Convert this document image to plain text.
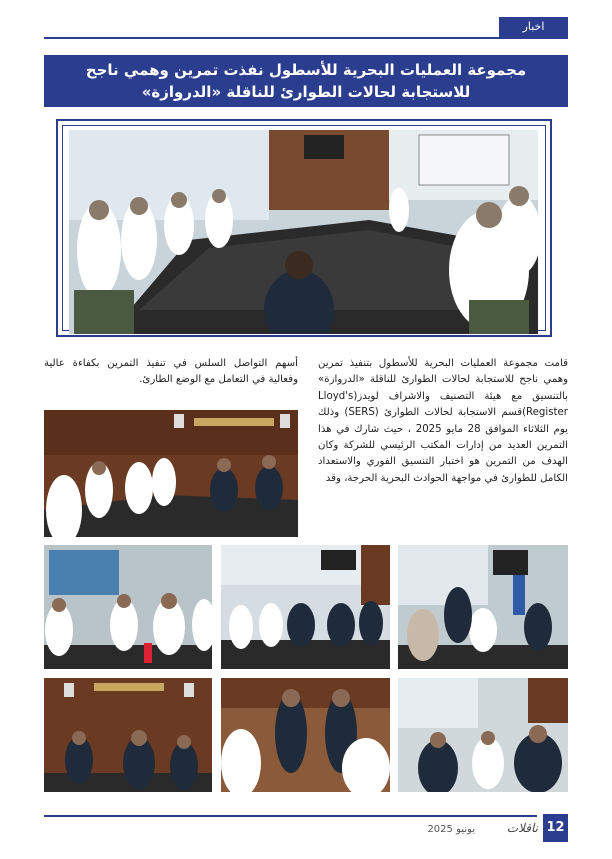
اخبار
مجموعة العمليات البحرية للأسطول نفذت تمرين وهمي ناجح
للاستجابة لحالات الطوارئ للناقلة «الدروازة»
قامت مجموعة العمليات البحرية للأسطول بتنفيذ تمرين وهمي ناجح للاستجابة لحالات الطوارئ للناقلة «الدروازة» بالتنسيق مع هيئة التصنيف والاشراف لويدز(Lloyd's Register)قسم الاستجابة لحالات الطوارئ (SERS) وذلك يوم الثلاثاء الموافق 28 مايو 2025 ، حيث شارك في هذا التمرين العديد من إدارات المكتب الرئيسي للشركة وكان الهدف من التمرين هو اختبار التنسيق الفوري والاستعداد الكامل للطوارئ في مواجهة الحوادث البحرية الحرجة، وقد
أسهم التواصل السلس في تنفيذ التمرين بكفاءة عالية وفعالية في التعامل مع الوضع الطارئ.
12
ناقلات
يونيو 2025
